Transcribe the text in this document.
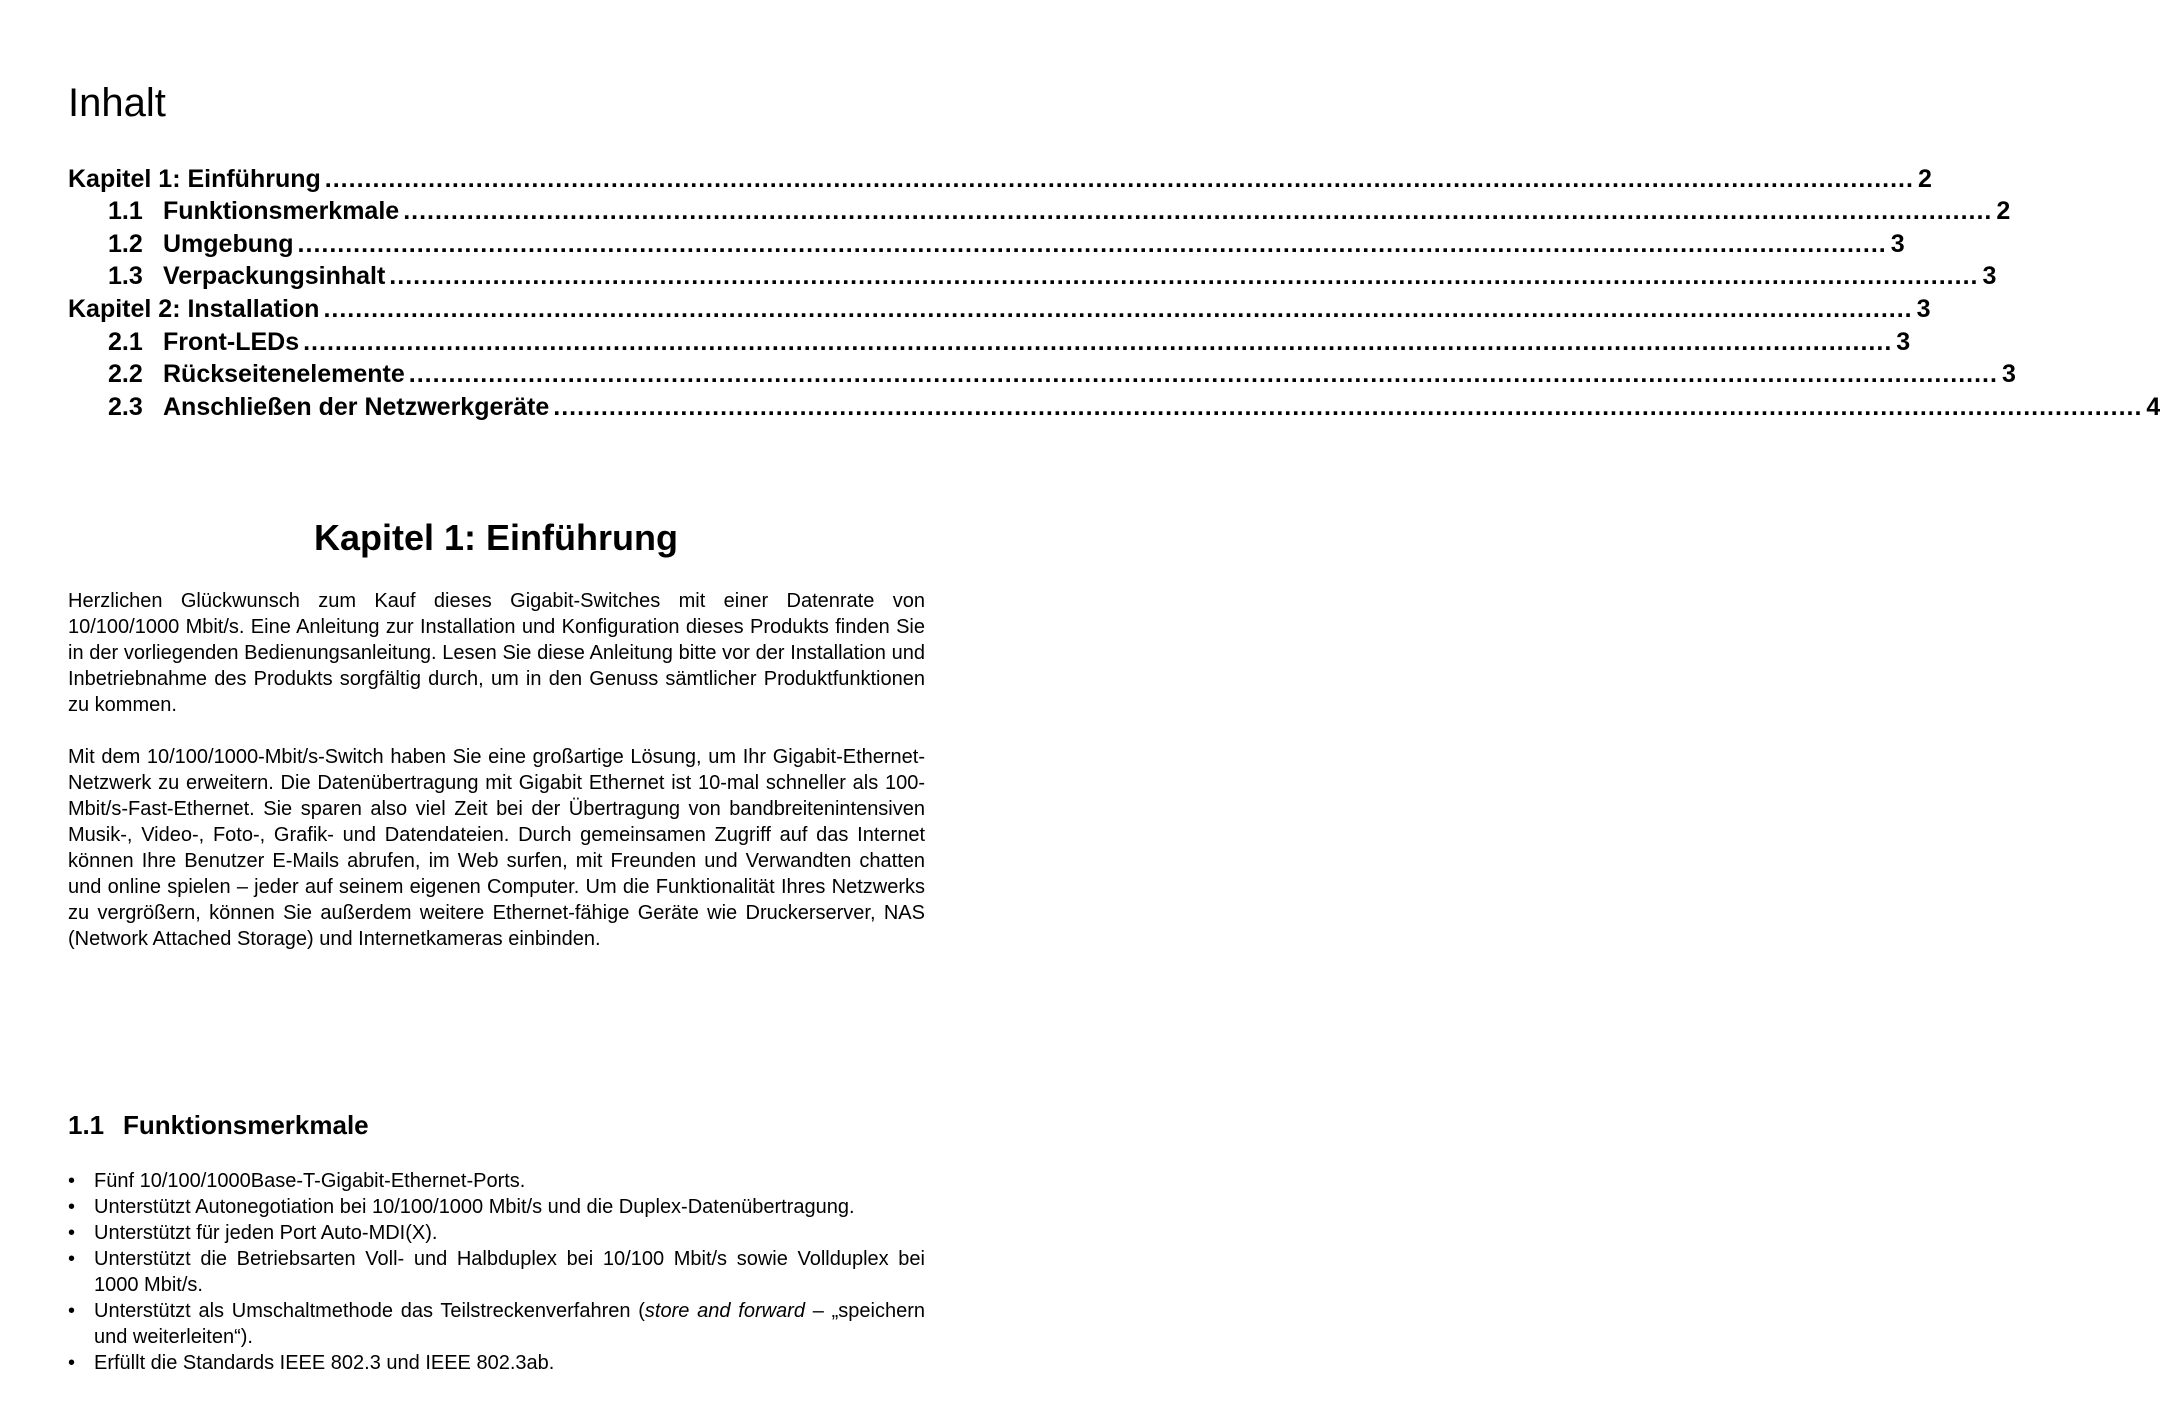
Inhalt
Kapitel 1: Einführung ........................................................................................................................................................................................................ 2
1.1 Funktionsmerkmale ........................................................................................................................................................................................................ 2
1.2 Umgebung ........................................................................................................................................................................................................ 3
1.3 Verpackungsinhalt ........................................................................................................................................................................................................ 3
Kapitel 2: Installation ........................................................................................................................................................................................................ 3
2.1 Front-LEDs ........................................................................................................................................................................................................ 3
2.2 Rückseitenelemente ........................................................................................................................................................................................................ 3
2.3 Anschließen der Netzwerkgeräte ........................................................................................................................................................................................................ 4
Kapitel 1: Einführung

Herzlichen Glückwunsch zum Kauf dieses Gigabit-Switches mit einer Datenrate von 10/100/1000 Mbit/s. Eine Anleitung zur Installation und Konfiguration dieses Produkts finden Sie in der vorliegenden Bedienungsanleitung. Lesen Sie diese Anleitung bitte vor der Installation und Inbetriebnahme des Produkts sorgfältig durch, um in den Genuss sämtlicher Produktfunktionen zu kommen.

Mit dem 10/100/1000-Mbit/s-Switch haben Sie eine großartige Lösung, um Ihr Gigabit-Ethernet-Netzwerk zu erweitern. Die Datenübertragung mit Gigabit Ethernet ist 10-mal schneller als 100-Mbit/s-Fast-Ethernet. Sie sparen also viel Zeit bei der Übertragung von bandbreitenintensiven Musik-, Video-, Foto-, Grafik- und Datendateien. Durch gemeinsamen Zugriff auf das Internet können Ihre Benutzer E-Mails abrufen, im Web surfen, mit Freunden und Verwandten chatten und online spielen – jeder auf seinem eigenen Computer. Um die Funktionalität Ihres Netzwerks zu vergrößern, können Sie außerdem weitere Ethernet-fähige Geräte wie Druckerserver, NAS (Network Attached Storage) und Internetkameras einbinden.

1.1 Funktionsmerkmale
• Fünf 10/100/1000Base-T-Gigabit-Ethernet-Ports.
• Unterstützt Autonegotiation bei 10/100/1000 Mbit/s und die Duplex-Datenübertragung.
• Unterstützt für jeden Port Auto-MDI(X).
• Unterstützt die Betriebsarten Voll- und Halbduplex bei 10/100 Mbit/s sowie Vollduplex bei 1000 Mbit/s.
• Unterstützt als Umschaltmethode das Teilstreckenverfahren (store and forward – „speichern und weiterleiten“).
• Erfüllt die Standards IEEE 802.3 und IEEE 802.3ab.
